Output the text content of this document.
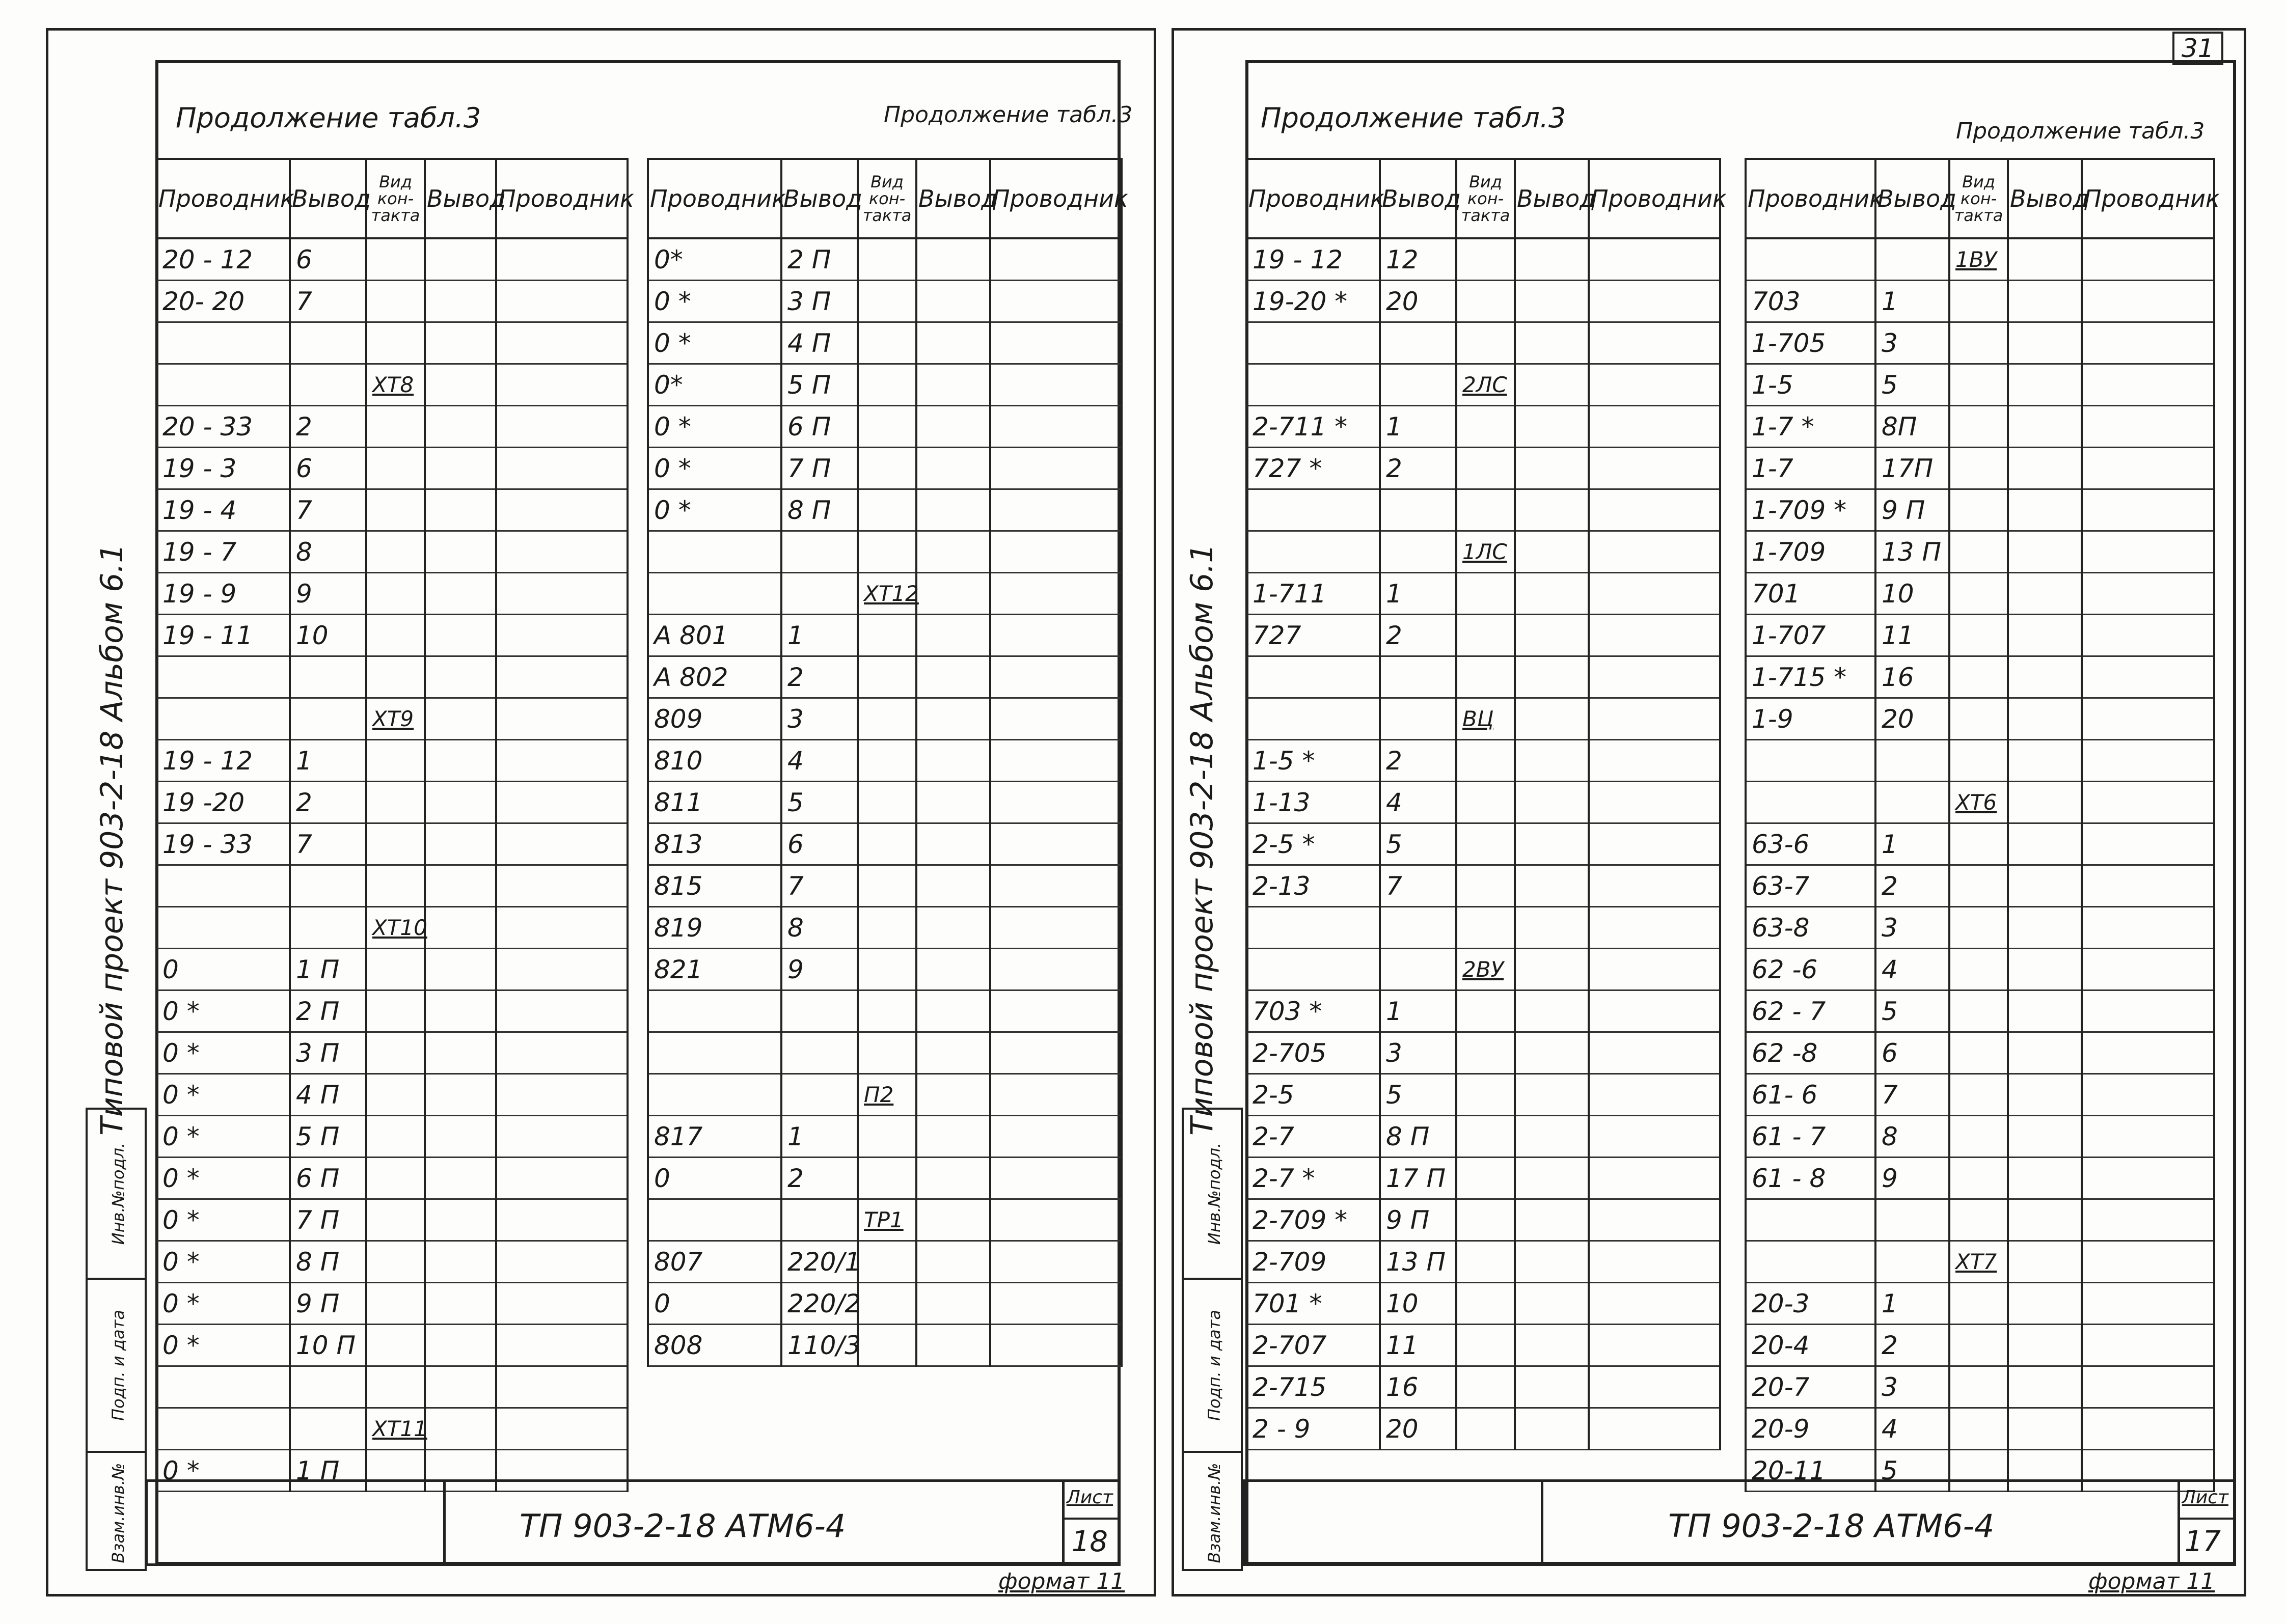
31
Типовой проект 903-2-18 Альбом 6.1
Инв.№подл.
Подп. и дата
Взам.инв.№
Продолжение табл.3	Продолжение табл.3
Проводник	Вывод	Вид кон-такта	Вывод	Проводник
20 - 12	6			
20- 20	7			

		ХТ8		
20 - 33	2			
19 - 3	6			
19 - 4	7			
19 - 7	8			
19 - 9	9			
19 - 11	10			

		ХТ9		
19 - 12	1			
19 -20	2			
19 - 33	7			

		ХТ10		
0	1 П			
0 *	2 П			
0 *	3 П			
0 *	4 П			
0 *	5 П			
0 *	6 П			
0 *	7 П			
0 *	8 П			
0 *	9 П			
0 *	10 П			

		ХТ11		
0 *	1 П			
Проводник	Вывод	Вид кон-такта	Вывод	Проводник
0*	2 П			
0 *	3 П			
0 *	4 П			
0*	5 П			
0 *	6 П			
0 *	7 П			
0 *	8 П			

		ХТ12		
А 801	1			
А 802	2			
809	3			
810	4			
811	5			
813	6			
815	7			
819	8			
821	9			

		П2		
817	1			
0	2			
		ТР1		
807	220/1			
0	220/2			
808	110/3			
ТП 903-2-18 АТМ6-4
Лист
18
формат 11
Типовой проект 903-2-18 Альбом 6.1
Инв.№подл.
Подп. и дата
Взам.инв.№
Продолжение табл.3	Продолжение табл.3
Проводник	Вывод	Вид кон-такта	Вывод	Проводник
19 - 12	12			
19-20 *	20			

		2ЛС		
2-711 *	1			
727 *	2			

		1ЛС		
1-711	1			
727	2			

		ВЦ		
1-5 *	2			
1-13	4			
2-5 *	5			
2-13	7			

		2ВУ		
703 *	1			
2-705	3			
2-5	5			
2-7	8 П			
2-7 *	17 П			
2-709 *	9 П			
2-709	13 П			
701 *	10			
2-707	11			
2-715	16			
2 - 9	20			
Проводник	Вывод	Вид кон-такта	Вывод	Проводник
		1ВУ		
703	1			
1-705	3			
1-5	5			
1-7 *	8П			
1-7	17П			
1-709 *	9 П			
1-709	13 П			
701	10			
1-707	11			
1-715 *	16			
1-9	20			

		ХТ6		
63-6	1			
63-7	2			
63-8	3			
62 -6	4			
62 - 7	5			
62 -8	6			
61- 6	7			
61 - 7	8			
61 - 8	9			

		ХТ7		
20-3	1			
20-4	2			
20-7	3			
20-9	4			
20-11	5			
ТП 903-2-18 АТМ6-4
Лист
17
формат 11
